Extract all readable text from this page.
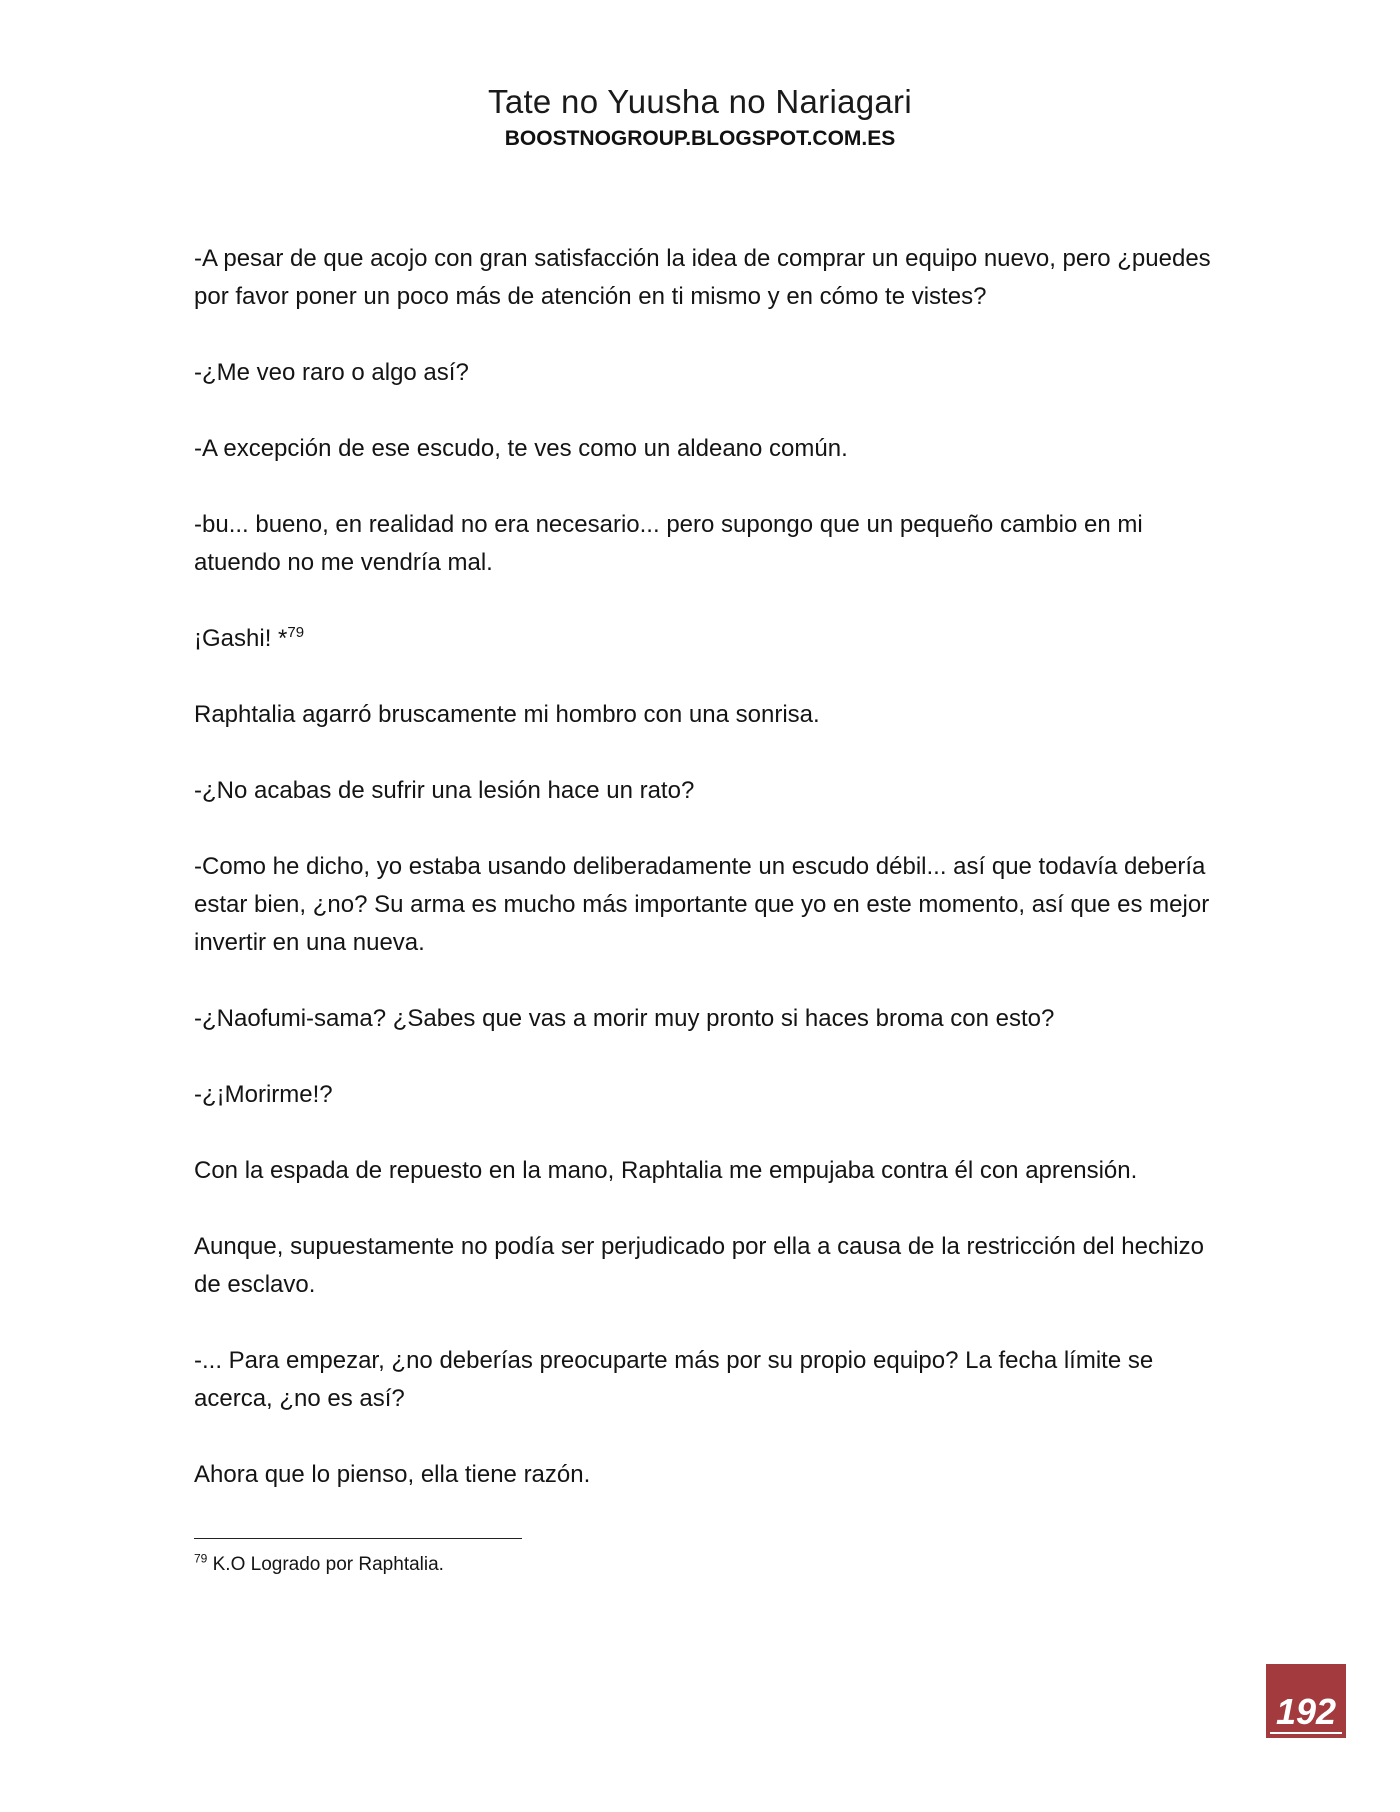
Tate no Yuusha no Nariagari
BOOSTNOGROUP.BLOGSPOT.COM.ES

-A pesar de que acojo con gran satisfacción la idea de comprar un equipo nuevo, pero ¿puedes por favor poner un poco más de atención en ti mismo y en cómo te vistes?

-¿Me veo raro o algo así?

-A excepción de ese escudo, te ves como un aldeano común.

-bu... bueno, en realidad no era necesario... pero supongo que un pequeño cambio en mi atuendo no me vendría mal.

¡Gashi! *$^{79}$

Raphtalia agarró bruscamente mi hombro con una sonrisa.

-¿No acabas de sufrir una lesión hace un rato?

-Como he dicho, yo estaba usando deliberadamente un escudo débil... así que todavía debería estar bien, ¿no? Su arma es mucho más importante que yo en este momento, así que es mejor invertir en una nueva.

-¿Naofumi-sama? ¿Sabes que vas a morir muy pronto si haces broma con esto?

-¿¡Morirme!?

Con la espada de repuesto en la mano, Raphtalia me empujaba contra él con aprensión.

Aunque, supuestamente no podía ser perjudicado por ella a causa de la restricción del hechizo de esclavo.

-... Para empezar, ¿no deberías preocuparte más por su propio equipo? La fecha límite se acerca, ¿no es así?

Ahora que lo pienso, ella tiene razón.

$^{79}$ K.O Logrado por Raphtalia.
192
